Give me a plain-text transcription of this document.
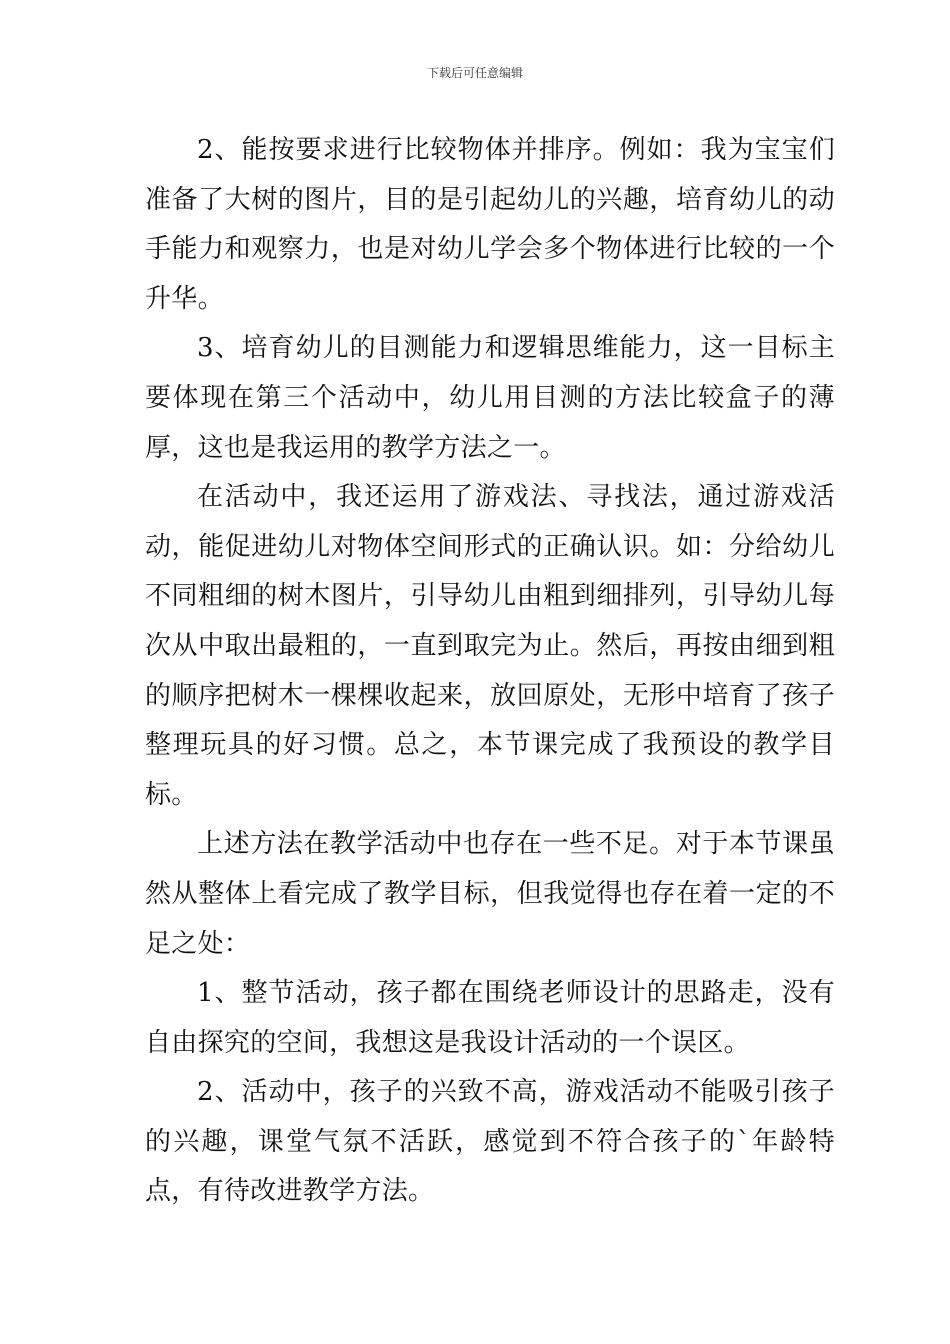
下载后可任意编辑

2、能按要求进行比较物体并排序。例如：我为宝宝们准备了大树的图片，目的是引起幼儿的兴趣，培育幼儿的动手能力和观察力，也是对幼儿学会多个物体进行比较的一个升华。

3、培育幼儿的目测能力和逻辑思维能力，这一目标主要体现在第三个活动中，幼儿用目测的方法比较盒子的薄厚，这也是我运用的教学方法之一。

在活动中，我还运用了游戏法、寻找法，通过游戏活动，能促进幼儿对物体空间形式的正确认识。如：分给幼儿不同粗细的树木图片，引导幼儿由粗到细排列，引导幼儿每次从中取出最粗的，一直到取完为止。然后，再按由细到粗的顺序把树木一棵棵收起来，放回原处，无形中培育了孩子整理玩具的好习惯。总之，本节课完成了我预设的教学目标。

上述方法在教学活动中也存在一些不足。对于本节课虽然从整体上看完成了教学目标，但我觉得也存在着一定的不足之处：

1、整节活动，孩子都在围绕老师设计的思路走，没有自由探究的空间，我想这是我设计活动的一个误区。

2、活动中，孩子的兴致不高，游戏活动不能吸引孩子的兴趣，课堂气氛不活跃，感觉到不符合孩子的`年龄特点，有待改进教学方法。
